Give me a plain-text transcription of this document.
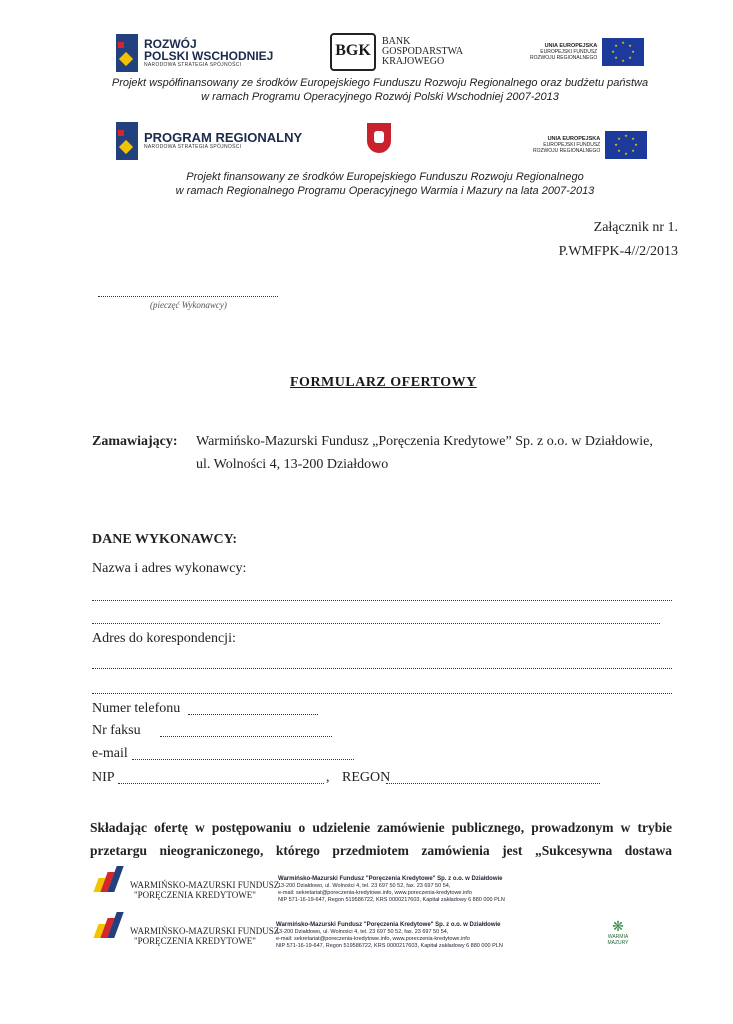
ROZWÓJ
POLSKI WSCHODNIEJ
NARODOWA STRATEGIA SPÓJNOŚCI
BGK
BANK
GOSPODARSTWA
KRAJOWEGO
UNIA EUROPEJSKA
EUROPEJSKI FUNDUSZ
ROZWOJU REGIONALNEGO
★
★
★
★
★
★
★
★
Projekt współfinansowany ze środków Europejskiego Funduszu Rozwoju Regionalnego oraz budżetu państwa
w ramach Programu Operacyjnego Rozwój Polski Wschodniej 2007-2013
PROGRAM REGIONALNY
NARODOWA STRATEGIA SPÓJNOŚCI
UNIA EUROPEJSKA
EUROPEJSKI FUNDUSZ
ROZWOJU REGIONALNEGO
★
★
★
★
★
★
★
★
Projekt finansowany ze środków Europejskiego Funduszu Rozwoju Regionalnego
w ramach Regionalnego Programu Operacyjnego Warmia i Mazury na lata 2007-2013
Załącznik nr 1.
P.WMFPK-4//2/2013
(pieczęć Wykonawcy)
FORMULARZ OFERTOWY
Zamawiający: Warmińsko-Mazurski Fundusz „Poręczenia Kredytowe” Sp. z o.o. w Działdowie,
ul. Wolności 4, 13-200 Działdowo
DANE WYKONAWCY:
Nazwa i adres wykonawcy:
Adres do korespondencji:
Numer telefonu
Nr faksu
e-mail
NIP	, REGON
Składając ofertę w postępowaniu o udzielenie zamówienie publicznego, prowadzonym w trybie
przetargu nieograniczonego, którego przedmiotem zamówienia jest „Sukcesywna dostawa
WARMIŃSKO-MAZURSKI FUNDUSZ
"PORĘCZENIA KREDYTOWE"
Warmińsko-Mazurski Fundusz "Poręczenia Kredytowe" Sp. z o.o. w Działdowie
13-200 Działdowo, ul. Wolności 4, tel. 23 697 50 52, fax. 23 697 50 54,
e-mail: sekretariat@poreczenia-kredytowe.info, www.poreczenia-kredytowe.info
NIP 571-16-19-647, Regon 519586722, KRS 0000217603, Kapitał zakładowy 6 880 000 PLN
WARMIŃSKO-MAZURSKI FUNDUSZ
"PORĘCZENIA KREDYTOWE"
Warmińsko-Mazurski Fundusz "Poręczenia Kredytowe" Sp. z o.o. w Działdowie
13-200 Działdowo, ul. Wolności 4, tel. 23 697 50 52, fax. 23 697 50 54,
e-mail: sekretariat@poreczenia-kredytowe.info, www.poreczenia-kredytowe.info
NIP 571-16-19-647, Regon 519586722, KRS 0000217603, Kapitał zakładowy 6 880 000 PLN
❋
WARMIA
MAZURY
